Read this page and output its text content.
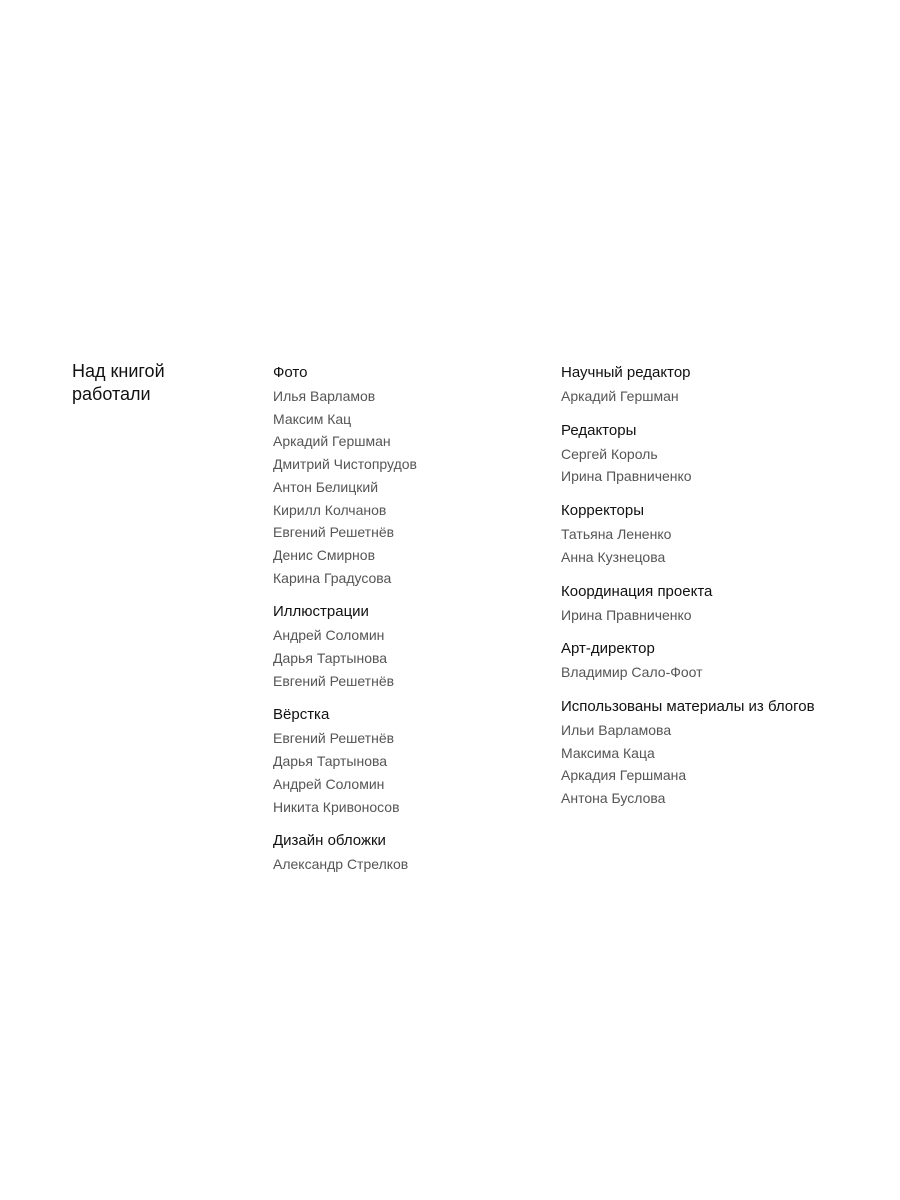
Над книгой работали
Фото
Илья Варламов
Максим Кац
Аркадий Гершман
Дмитрий Чистопрудов
Антон Белицкий
Кирилл Колчанов
Евгений Решетнёв
Денис Смирнов
Карина Градусова
Иллюстрации
Андрей Соломин
Дарья Тартынова
Евгений Решетнёв
Вёрстка
Евгений Решетнёв
Дарья Тартынова
Андрей Соломин
Никита Кривоносов
Дизайн обложки
Александр Стрелков
Научный редактор
Аркадий Гершман
Редакторы
Сергей Король
Ирина Правниченко
Корректоры
Татьяна Лененко
Анна Кузнецова
Координация проекта
Ирина Правниченко
Арт-директор
Владимир Сало-Фоот
Использованы материалы из блогов
Ильи Варламова
Максима Каца
Аркадия Гершмана
Антона Буслова
